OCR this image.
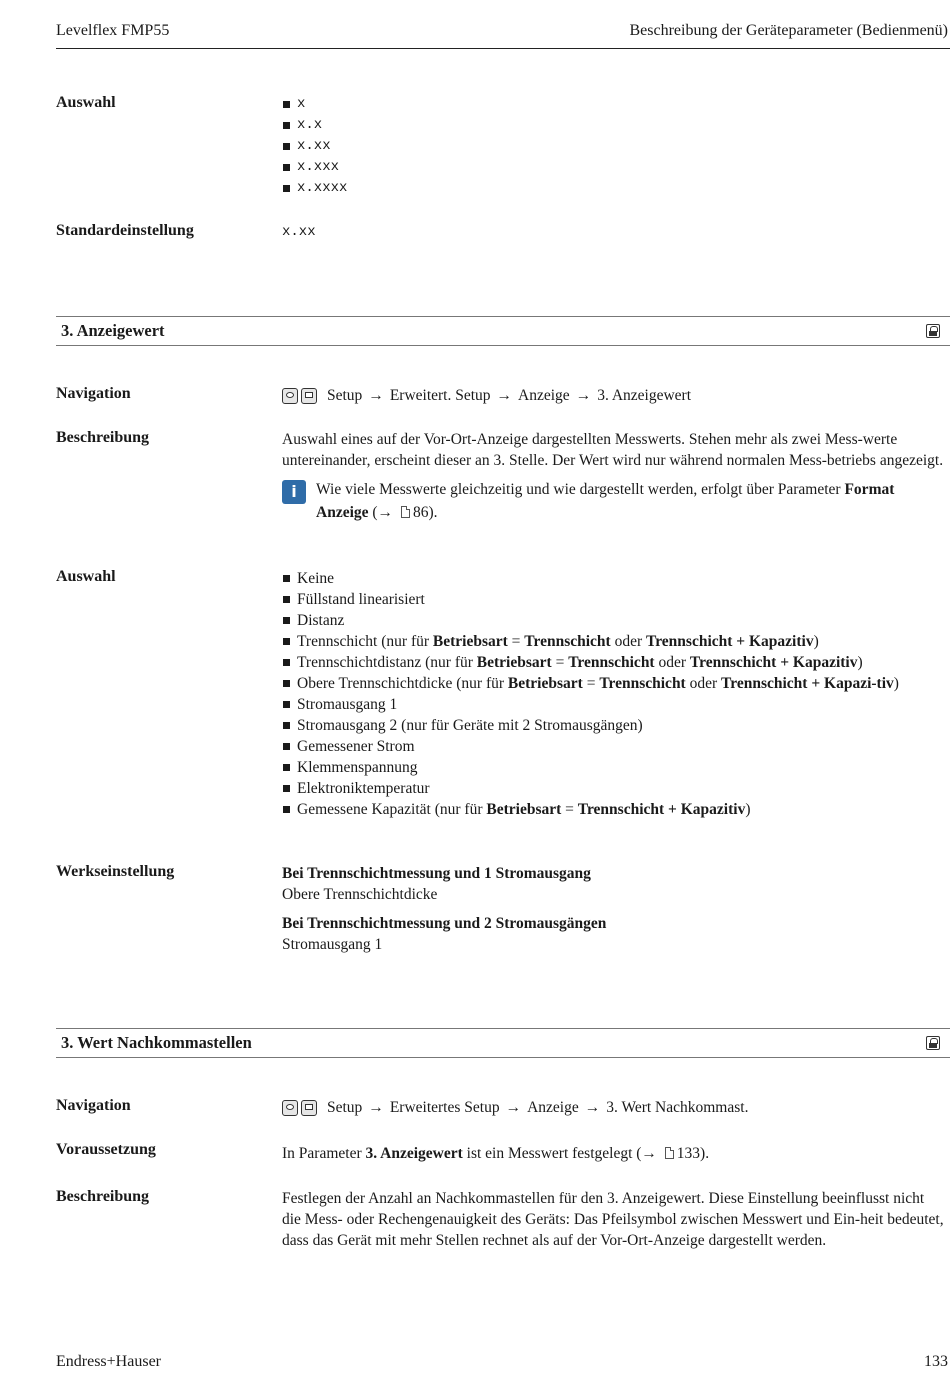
Levelflex FMP55	Beschreibung der Geräteparameter (Bedienmenü)
Auswahl	x
x.x
x.xx
x.xxx
x.xxxx
Standardeinstellung	x.xx
3. Anzeigewert
Navigation	Setup → Erweitert. Setup → Anzeige → 3. Anzeigewert
Beschreibung	Auswahl eines auf der Vor-Ort-Anzeige dargestellten Messwerts. Stehen mehr als zwei Mess-werte untereinander, erscheint dieser an 3. Stelle. Der Wert wird nur während normalen Mess-betriebs angezeigt.
i	Wie viele Messwerte gleichzeitig und wie dargestellt werden, erfolgt über Parameter Format Anzeige (→ 86).
Auswahl	Keine
Füllstand linearisiert
Distanz
Trennschicht (nur für Betriebsart = Trennschicht oder Trennschicht + Kapazitiv)
Trennschichtdistanz (nur für Betriebsart = Trennschicht oder Trennschicht + Kapazitiv)
Obere Trennschichtdicke (nur für Betriebsart = Trennschicht oder Trennschicht + Kapazi-tiv)
Stromausgang 1
Stromausgang 2 (nur für Geräte mit 2 Stromausgängen)
Gemessener Strom
Klemmenspannung
Elektroniktemperatur
Gemessene Kapazität (nur für Betriebsart = Trennschicht + Kapazitiv)
Werkseinstellung	Bei Trennschichtmessung und 1 Stromausgang
Obere Trennschichtdicke
Bei Trennschichtmessung und 2 Stromausgängen
Stromausgang 1
3. Wert Nachkommastellen
Navigation	Setup → Erweitertes Setup → Anzeige → 3. Wert Nachkommast.
Voraussetzung	In Parameter 3. Anzeigewert ist ein Messwert festgelegt (→ 133).
Beschreibung	Festlegen der Anzahl an Nachkommastellen für den 3. Anzeigewert. Diese Einstellung beeinflusst nicht die Mess- oder Rechengenauigkeit des Geräts: Das Pfeilsymbol zwischen Messwert und Ein-heit bedeutet, dass das Gerät mit mehr Stellen rechnet als auf der Vor-Ort-Anzeige dargestellt werden.
Endress+Hauser	133
